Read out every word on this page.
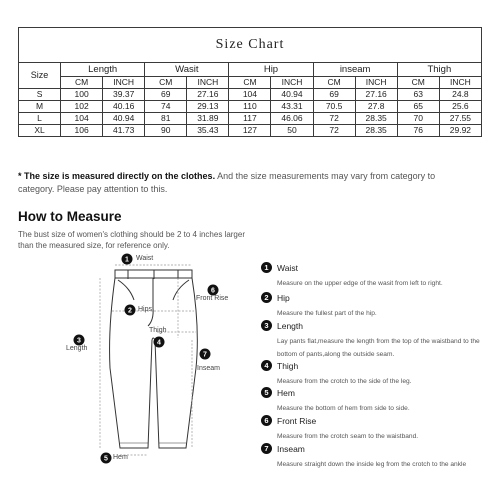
Size Chart										
Size	Length		Wasit		Hip		inseam		Thigh	
	CM	INCH	CM	INCH	CM	INCH	CM	INCH	CM	INCH
S	100	39.37	69	27.16	104	40.94	69	27.16	63	24.8
M	102	40.16	74	29.13	110	43.31	70.5	27.8	65	25.6
L	104	40.94	81	31.89	117	46.06	72	28.35	70	27.55
XL	106	41.73	90	35.43	127	50	72	28.35	76	29.92
* The size is measured directly on the clothes. And the size measurements may vary from category to category. Please pay attention to this.
How to Measure
The bust size of women's clothing should be 2 to 4 inches larger than the measured size, for reference only.
1
2
3	4
5
6
7
Waist
Front Rise
Hips
Thigh
Length
Inseam
Hem
1 Waist
Measure on the upper edge of the wasit from left to right.
2 Hip
Measure the fullest part of the hip.
3 Length
Lay pants flat,measure the length from the top of the waistband to the bottom of pants,along the outside seam.
4 Thigh
Measure from the crotch to the side of the leg.
5 Hem
Measure the bottom of hem from side to side.
6 Front Rise
Measure from the crotch seam to the waistband.
7 Inseam
Measure straight down the inside leg from the crotch to the ankle
